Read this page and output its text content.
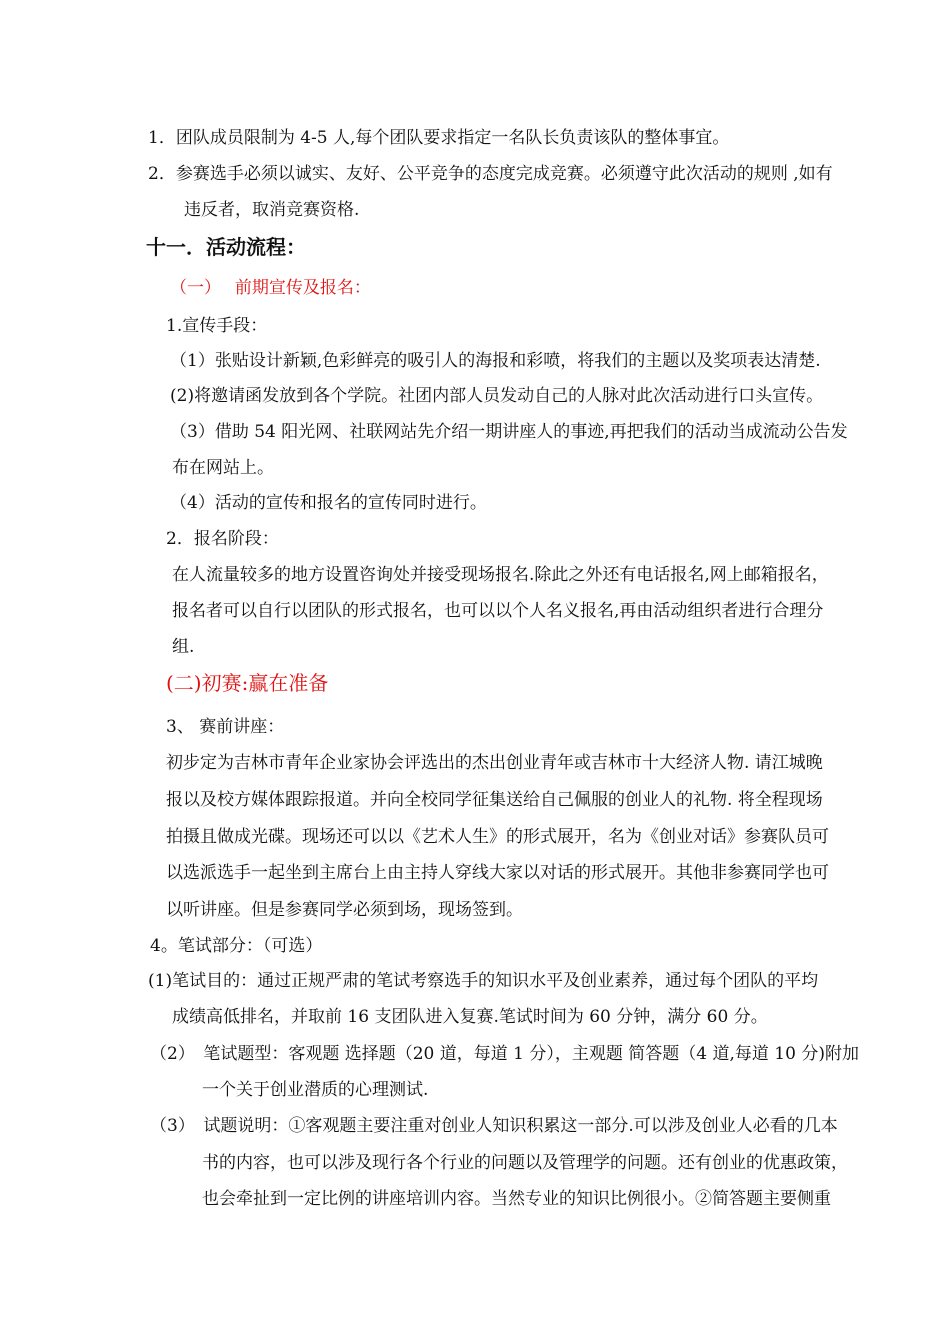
1．团队成员限制为 4-5 人,每个团队要求指定一名队长负责该队的整体事宜。
2．参赛选手必须以诚实、友好、公平竞争的态度完成竞赛。必须遵守此次活动的规则 ,如有
违反者，取消竞赛资格.
十一．活动流程：
（一）　 前期宣传及报名：
1.宣传手段：
（1）张贴设计新颖,色彩鲜亮的吸引人的海报和彩喷，将我们的主题以及奖项表达清楚.
(2)将邀请函发放到各个学院。社团内部人员发动自己的人脉对此次活动进行口头宣传。
（3）借助 54 阳光网、社联网站先介绍一期讲座人的事迹,再把我们的活动当成流动公告发
布在网站上。
（4）活动的宣传和报名的宣传同时进行。
2．报名阶段：
在人流量较多的地方设置咨询处并接受现场报名.除此之外还有电话报名,网上邮箱报名，
报名者可以自行以团队的形式报名，也可以以个人名义报名,再由活动组织者进行合理分
组.
(二)初赛:赢在准备
3、 赛前讲座：
初步定为吉林市青年企业家协会评选出的杰出创业青年或吉林市十大经济人物. 请江城晚
报以及校方媒体跟踪报道。并向全校同学征集送给自己佩服的创业人的礼物. 将全程现场
拍摄且做成光碟。现场还可以以《艺术人生》的形式展开，名为《创业对话》参赛队员可
以选派选手一起坐到主席台上由主持人穿线大家以对话的形式展开。其他非参赛同学也可
以听讲座。但是参赛同学必须到场，现场签到。
4。笔试部分：（可选）
(1)笔试目的：通过正规严肃的笔试考察选手的知识水平及创业素养，通过每个团队的平均
成绩高低排名，并取前 16 支团队进入复赛.笔试时间为 60 分钟，满分 60 分。
（2）　笔试题型：客观题 选择题（20 道，每道 1 分），主观题 简答题（4 道,每道 10 分)附加
一个关于创业潜质的心理测试.
（3）　试题说明：①客观题主要注重对创业人知识积累这一部分.可以涉及创业人必看的几本
书的内容，也可以涉及现行各个行业的问题以及管理学的问题。还有创业的优惠政策，
也会牵扯到一定比例的讲座培训内容。当然专业的知识比例很小。②简答题主要侧重
